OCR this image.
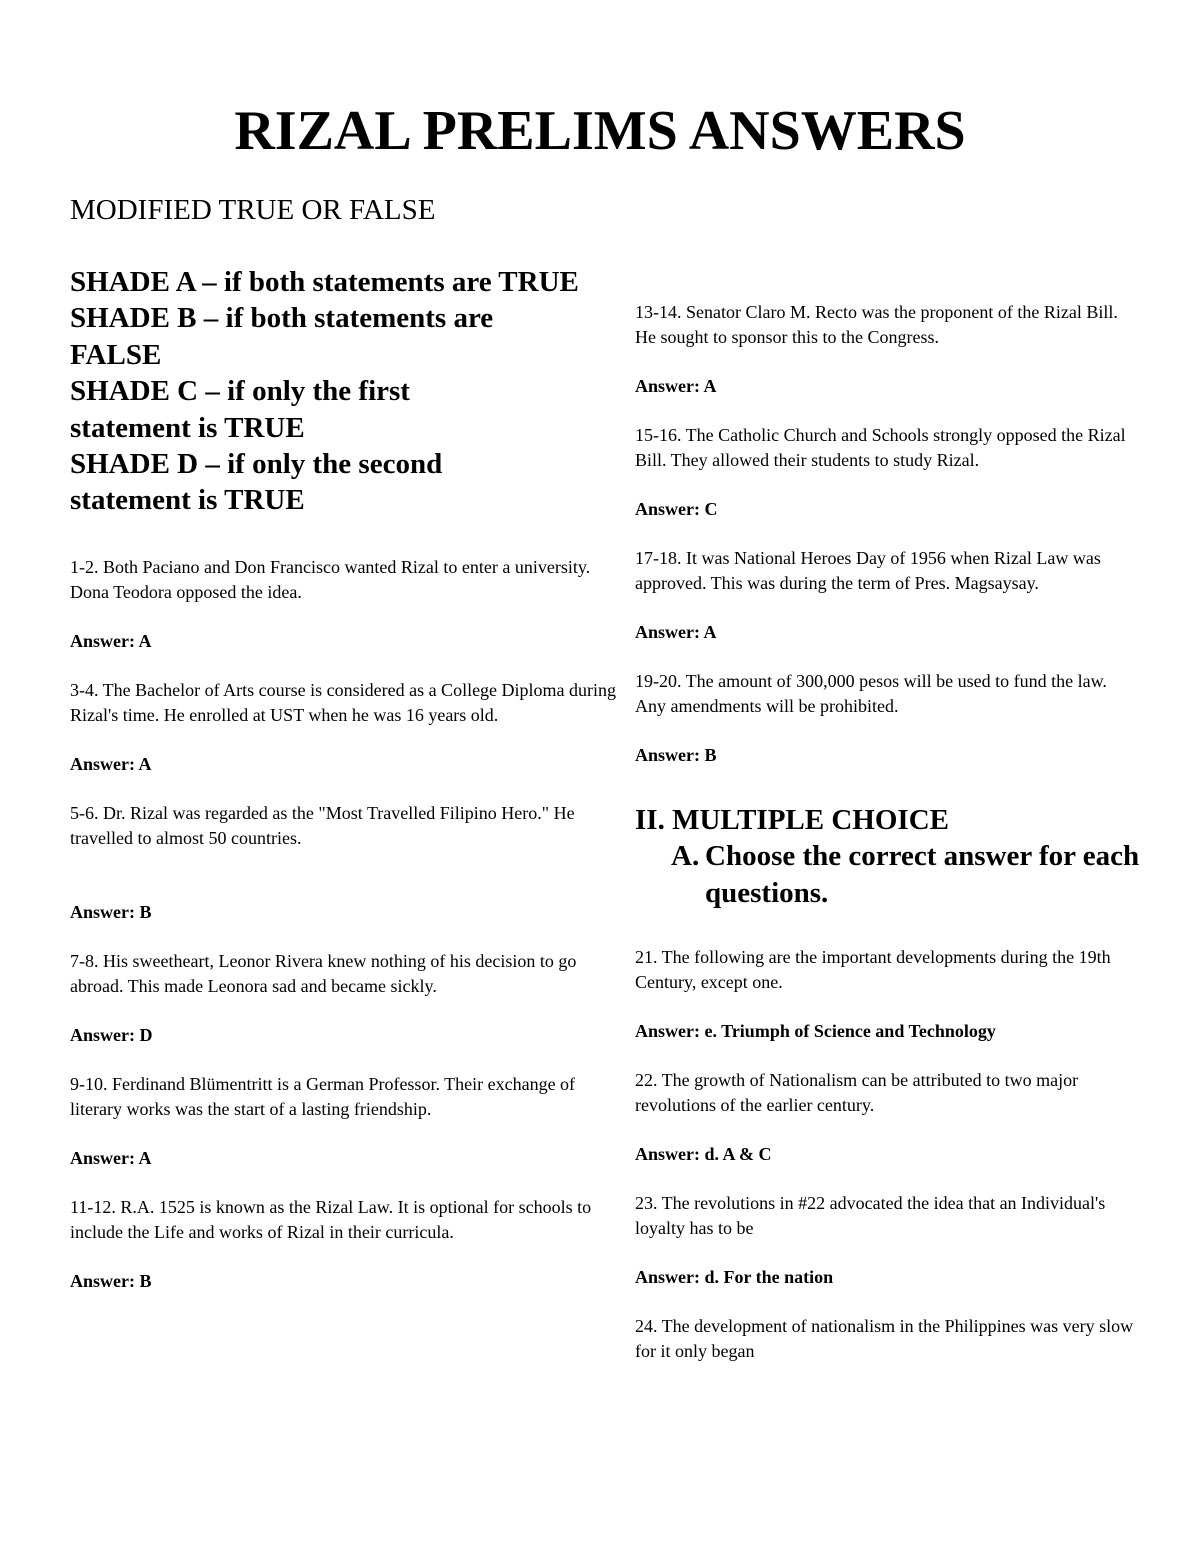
RIZAL PRELIMS ANSWERS
MODIFIED TRUE OR FALSE
SHADE A – if both statements are TRUE
SHADE B – if both statements are
FALSE
SHADE C – if only the first
statement is TRUE
SHADE D – if only the second
statement is TRUE

1-2. Both Paciano and Don Francisco wanted Rizal to enter a university. Dona Teodora opposed the idea.

Answer: A

3-4. The Bachelor of Arts course is considered as a College Diploma during Rizal's time. He enrolled at UST when he was 16 years old.

Answer: A

5-6. Dr. Rizal was regarded as the "Most Travelled Filipino Hero." He travelled to almost 50 countries.

Answer: B

7-8. His sweetheart, Leonor Rivera knew nothing of his decision to go abroad. This made Leonora sad and became sickly.

Answer: D

9-10. Ferdinand Blümentritt is a German Professor. Their exchange of literary works was the start of a lasting friendship.

Answer: A

11-12. R.A. 1525 is known as the Rizal Law. It is optional for schools to include the Life and works of Rizal in their curricula.

Answer: B

13-14. Senator Claro M. Recto was the proponent of the Rizal Bill. He sought to sponsor this to the Congress.

Answer: A

15-16. The Catholic Church and Schools strongly opposed the Rizal Bill. They allowed their students to study Rizal.

Answer: C

17-18. It was National Heroes Day of 1956 when Rizal Law was approved. This was during the term of Pres. Magsaysay.

Answer: A

19-20. The amount of 300,000 pesos will be used to fund the law. Any amendments will be prohibited.

Answer: B

II. MULTIPLE CHOICE
A. Choose the correct answer for each questions.

21. The following are the important developments during the 19th Century, except one.

Answer: e. Triumph of Science and Technology

22. The growth of Nationalism can be attributed to two major revolutions of the earlier century.

Answer: d. A & C

23. The revolutions in #22 advocated the idea that an Individual's loyalty has to be

Answer: d. For the nation

24. The development of nationalism in the Philippines was very slow for it only began
